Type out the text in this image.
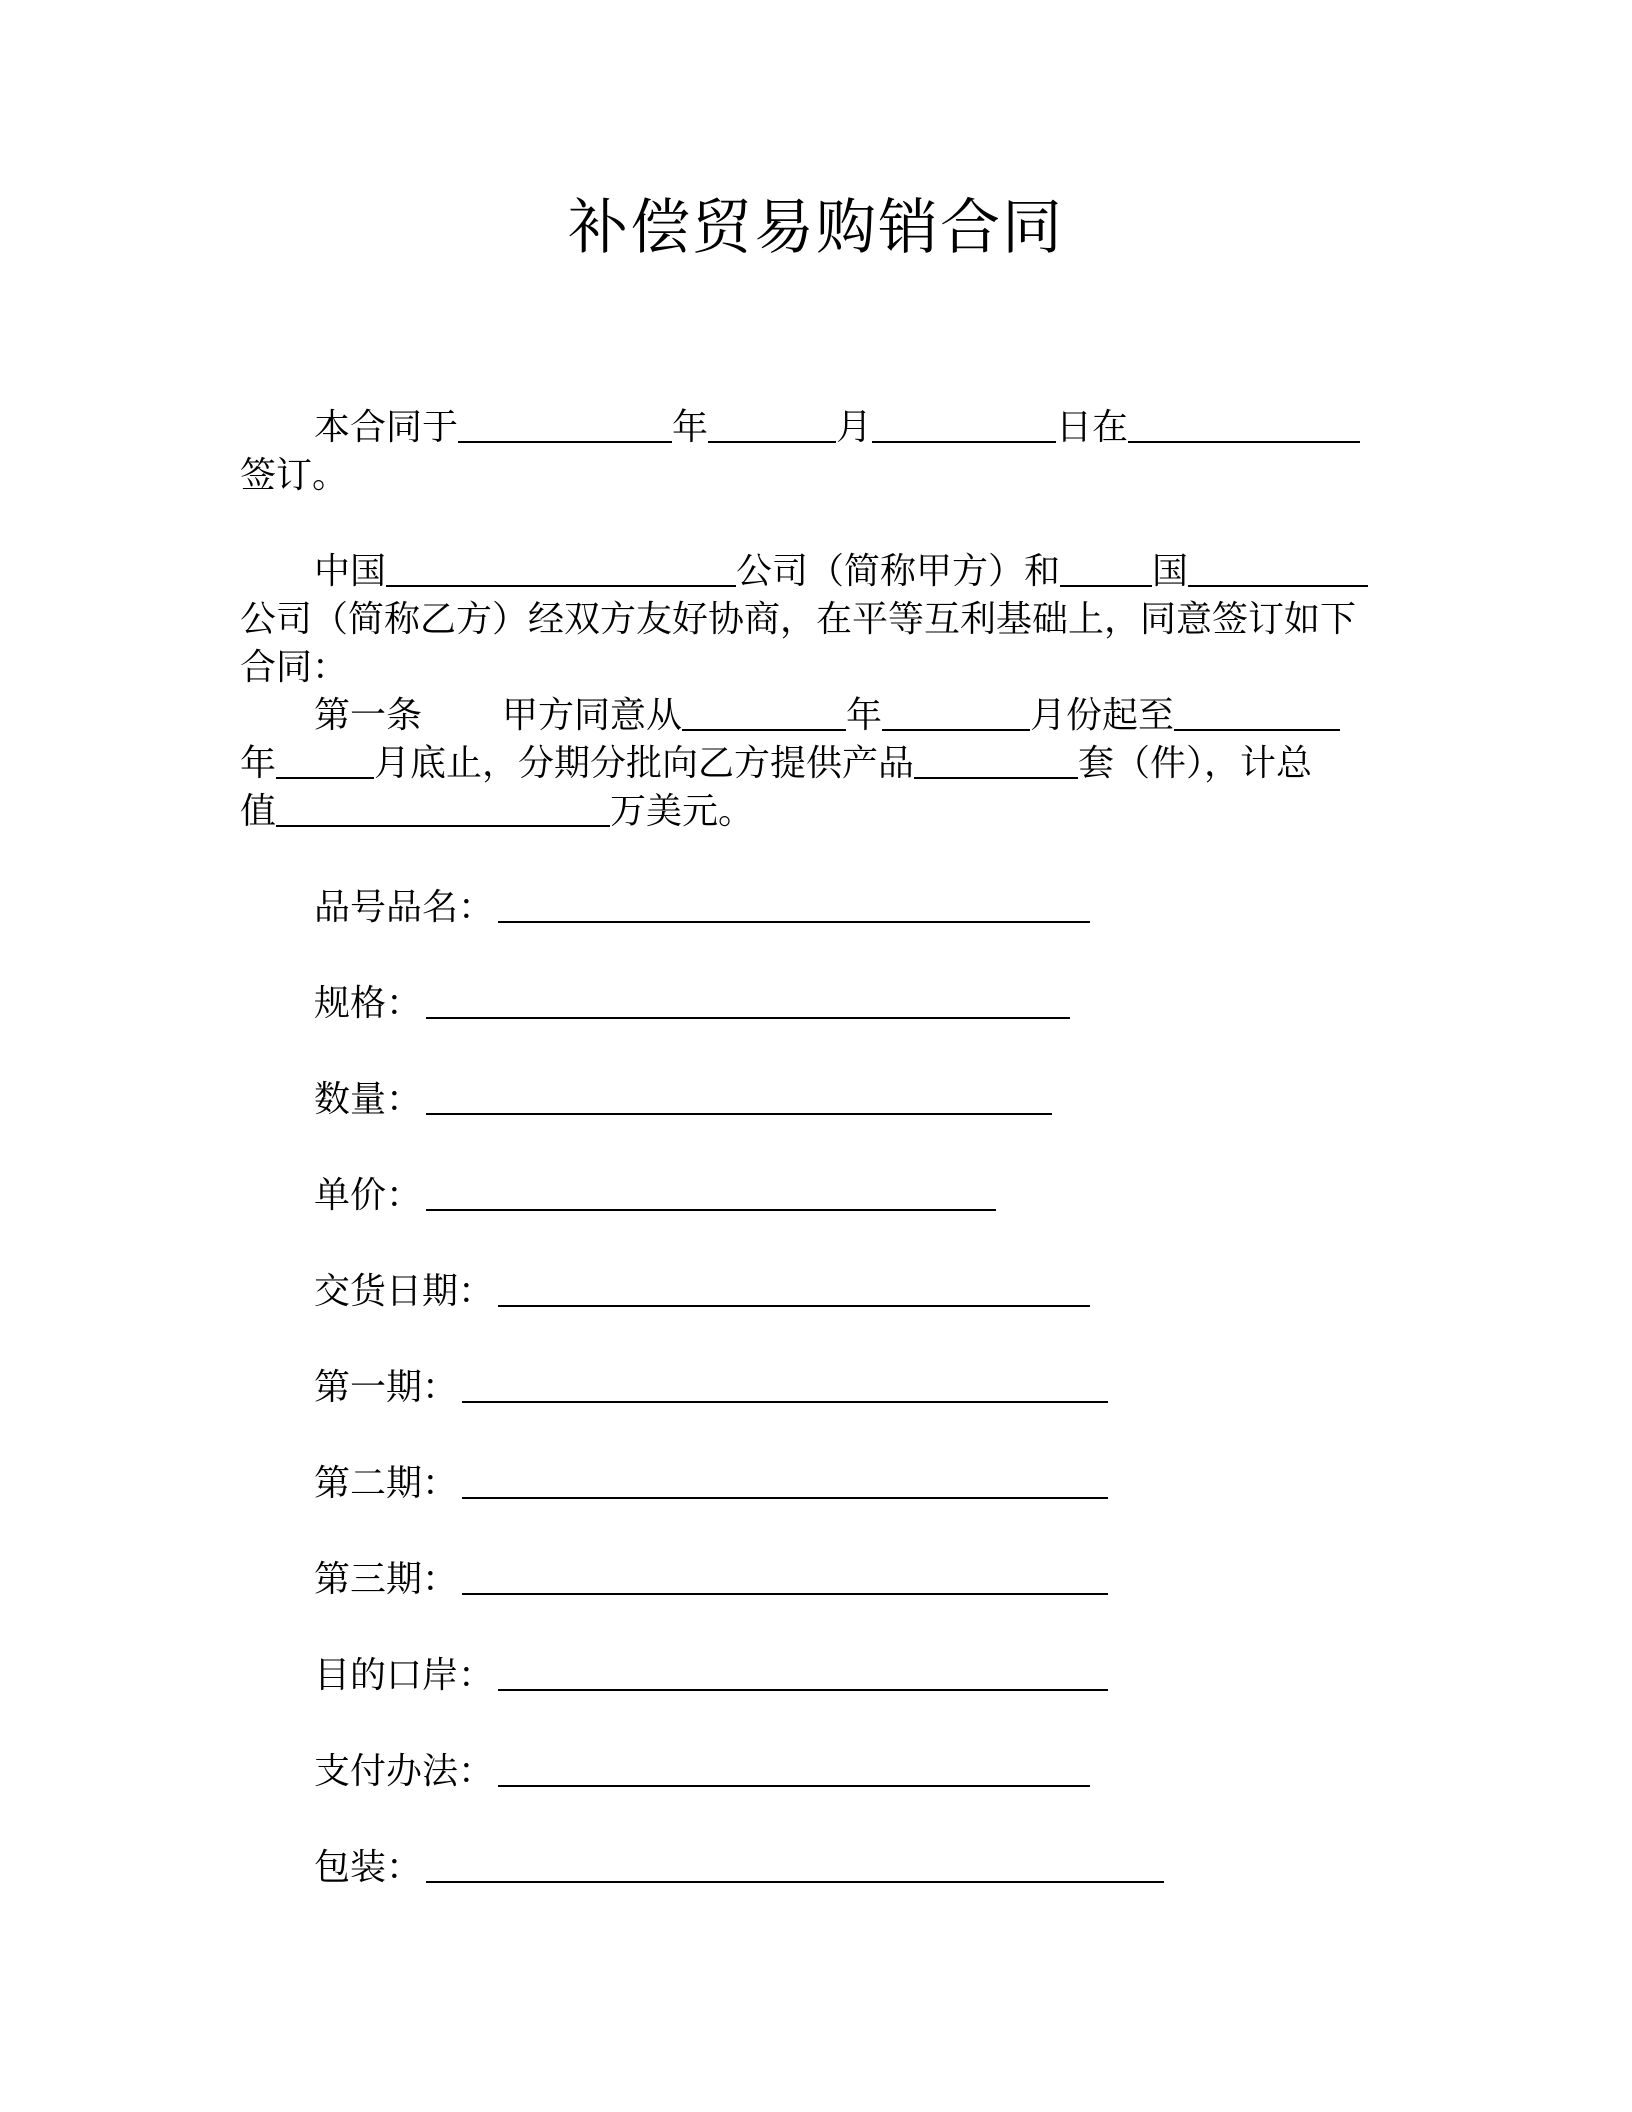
补偿贸易购销合同
本合同于	年	月	日在
签订。
中国	公司（简称甲方）和	国
公司（简称乙方）经双方友好协商，在平等互利基础上，同意签订如下
合同：
第一条 甲方同意从	年	月份起至
年	月底止，分期分批向乙方提供产品	套（件），计总
值	万美元。
品号品名：
规格：
数量：
单价：
交货日期：
第一期：
第二期：
第三期：
目的口岸：
支付办法：
包装：
